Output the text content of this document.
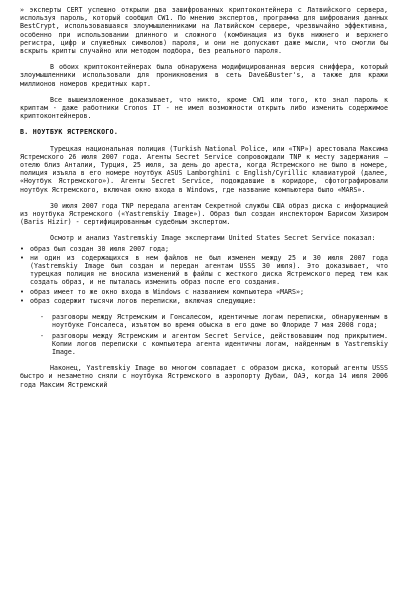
» эксперты CERT успешно открыли два зашифрованных криптоконтейнера с Латвийского сервера, используя пароль, который сообщил CW1. По мнению экспертов, программа для шифрования данных BestCrypt, использовавшаяся злоумышленниками на Латвийском сервере, чрезвычайно эффективна, особенно при использовании длинного и сложного (комбинация из букв нижнего и верхнего регистра, цифр и служебных символов) пароля, и они не допускают даже мысли, что смогли бы вскрыть крипты случайно или методом подбора, без реального пароля.

В обоих криптоконтейнерах была обнаружена модифицированная версия сниффера, который злоумышленники использовали для проникновения в сеть Dave&Buster's, а также для кражи миллионов номеров кредитных карт.

Все вышеизложенное доказывает, что никто, кроме CW1 или того, кто знал пароль к криптам - даже работники Cronos IT - не имел возможности открыть либо изменить содержимое криптоконтейнеров.

В. НОУТБУК ЯСТРЕМСКОГО.

Турецкая национальная полиция (Turkish National Police, или «TNP») арестовала Максима Ястремского 26 июля 2007 года. Агенты Secret Service сопровождали TNP к месту задержания – отелю близ Анталии, Турция, 25 июля, за день до ареста, когда Ястремского не было в номере, полиция изъяла в его номере ноутбук ASUS Lamborghini с English/Cyrillic клавиатурой (далее, «Ноутбук Ястремского»). Агенты Secret Service, подождавшие в коридоре, сфотографировали ноутбук Ястремского, включая окно входа в Windows, где название компьютера было «MARS».

30 июля 2007 года TNP передала агентам Секретной службы США образ диска с информацией из ноутбука Ястремского («Yastremskiy Image»). Образ был создан инспектором Барисом Хизиром (Baris Hizir) - сертифицированным судебным экспертом.

Осмотр и анализ Yastremskiy Image экспертами United States Secret Service показал:

• образ был создан 30 июля 2007 года;
• ни один из содержащихся в нем файлов не был изменен между 25 и 30 июля 2007 года (Yastremskiy Image был создан и передан агентам USSS 30 июля). Это доказывает, что турецкая полиция не вносила изменений в файлы с жесткого диска Ястремского перед тем как создать образ, и не пыталась изменить образ после его создания.
• образ имеет то же окно входа в Windows с названием компьютера «MARS»;
• образ содержит тысячи логов переписки, включая следующие:
- разговоры между Ястремским и Гонсалесом, идентичные логам переписки, обнаруженным в ноутбуке Гонсалеса, изъятом во время обыска в его доме во Флориде 7 мая 2008 года;
- разговоры между Ястремским и агентом Secret Service, действовавшим под прикрытием. Копии логов переписки с компьютера агента идентичны логам, найденным в Yastremskiy Image.

Наконец, Yastremskiy Image во многом совпадает с образом диска, который агенты USSS быстро и незаметно сняли с ноутбука Ястремского в аэропорту Дубаи, ОАЭ, когда 14 июля 2006 года Максим Ястремский
